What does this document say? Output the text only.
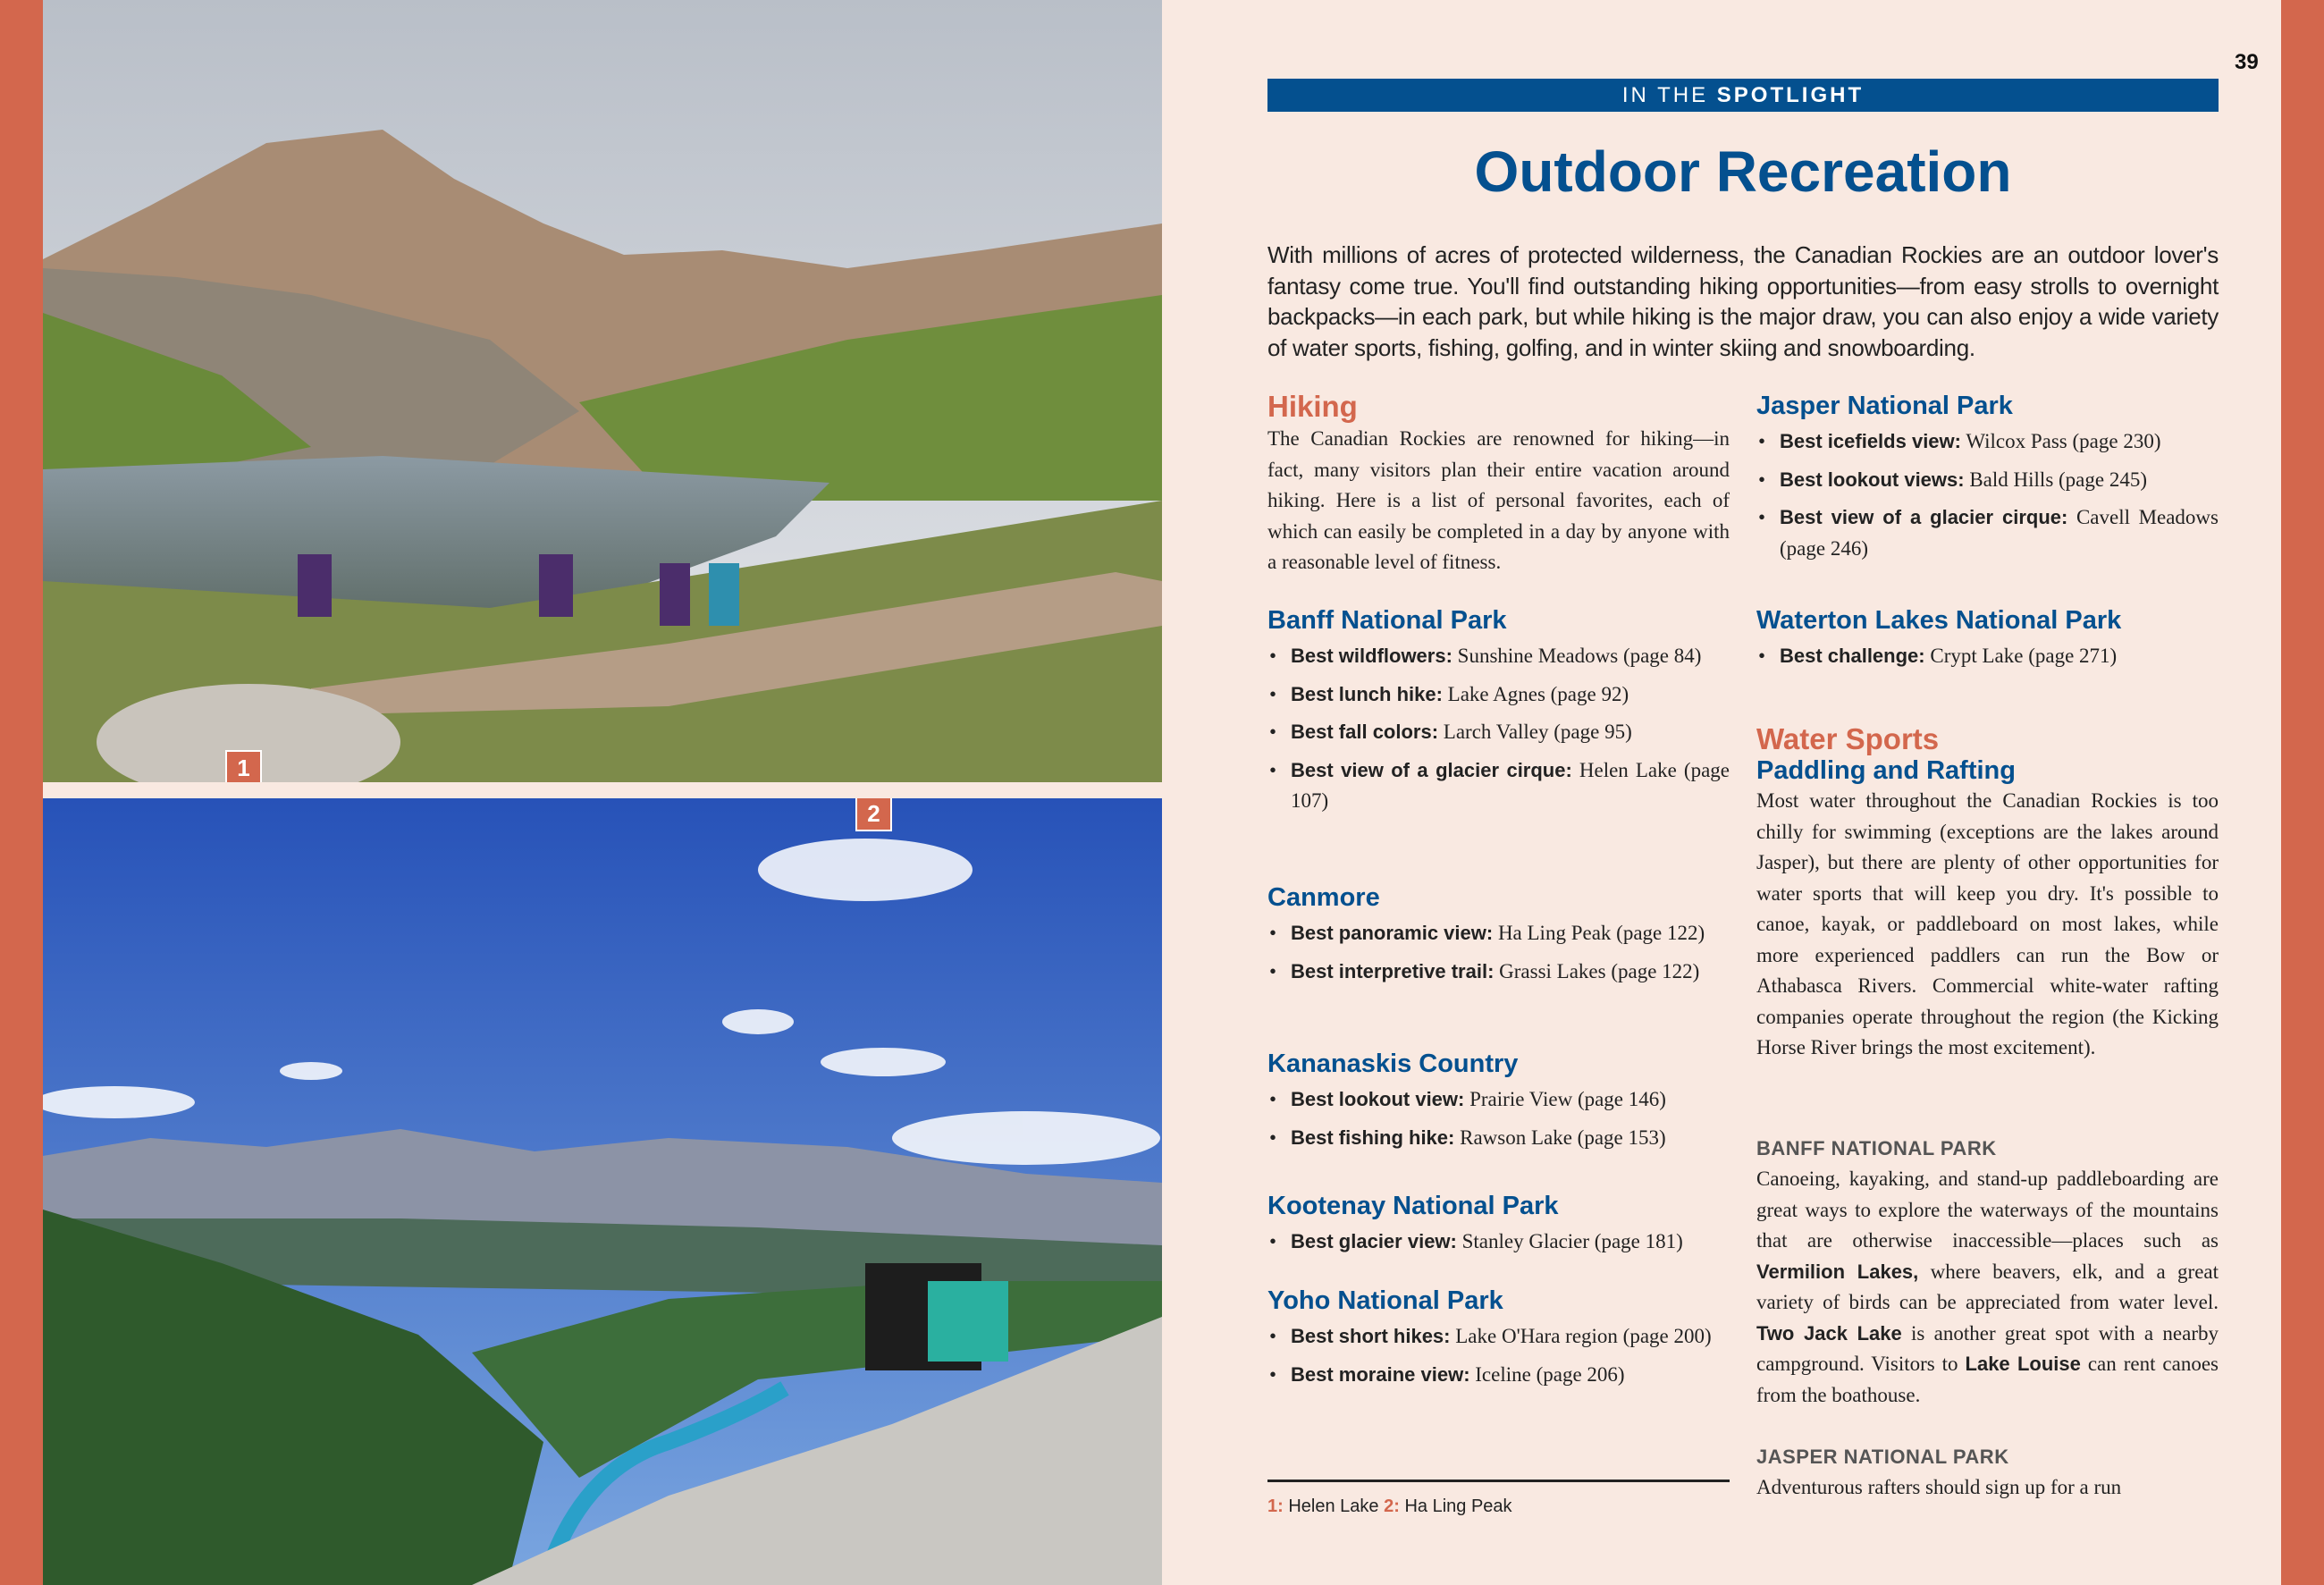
1
2
39
IN THE SPOTLIGHT
Outdoor Recreation

With millions of acres of protected wilderness, the Canadian Rockies are an outdoor lover's fantasy come true. You'll find outstanding hiking opportunities—from easy strolls to overnight backpacks—in each park, but while hiking is the major draw, you can also enjoy a wide variety of water sports, fishing, golfing, and in winter skiing and snowboarding.

Hiking

The Canadian Rockies are renowned for hiking—in fact, many visitors plan their entire vacation around hiking. Here is a list of personal favorites, each of which can easily be completed in a day by anyone with a reasonable level of fitness.

Banff National Park
• Best wildflowers: Sunshine Meadows (page 84)
• Best lunch hike: Lake Agnes (page 92)
• Best fall colors: Larch Valley (page 95)
• Best view of a glacier cirque: Helen Lake (page 107)
Canmore
• Best panoramic view: Ha Ling Peak (page 122)
• Best interpretive trail: Grassi Lakes (page 122)
Kananaskis Country
• Best lookout view: Prairie View (page 146)
• Best fishing hike: Rawson Lake (page 153)
Kootenay National Park
• Best glacier view: Stanley Glacier (page 181)
Yoho National Park
• Best short hikes: Lake O'Hara region (page 200)
• Best moraine view: Iceline (page 206)
1: Helen Lake 2: Ha Ling Peak
Jasper National Park
• Best icefields view: Wilcox Pass (page 230)
• Best lookout views: Bald Hills (page 245)
• Best view of a glacier cirque: Cavell Meadows (page 246)
Waterton Lakes National Park
• Best challenge: Crypt Lake (page 271)
Water Sports
Paddling and Rafting

Most water throughout the Canadian Rockies is too chilly for swimming (exceptions are the lakes around Jasper), but there are plenty of other opportunities for water sports that will keep you dry. It's possible to canoe, kayak, or paddleboard on most lakes, while more experienced paddlers can run the Bow or Athabasca Rivers. Commercial white-water rafting companies operate throughout the region (the Kicking Horse River brings the most excitement).

BANFF NATIONAL PARK

Canoeing, kayaking, and stand-up paddleboarding are great ways to explore the waterways of the mountains that are otherwise inaccessible—places such as Vermilion Lakes, where beavers, elk, and a great variety of birds can be appreciated from water level. Two Jack Lake is another great spot with a nearby campground. Visitors to Lake Louise can rent canoes from the boathouse.

JASPER NATIONAL PARK

Adventurous rafters should sign up for a run
